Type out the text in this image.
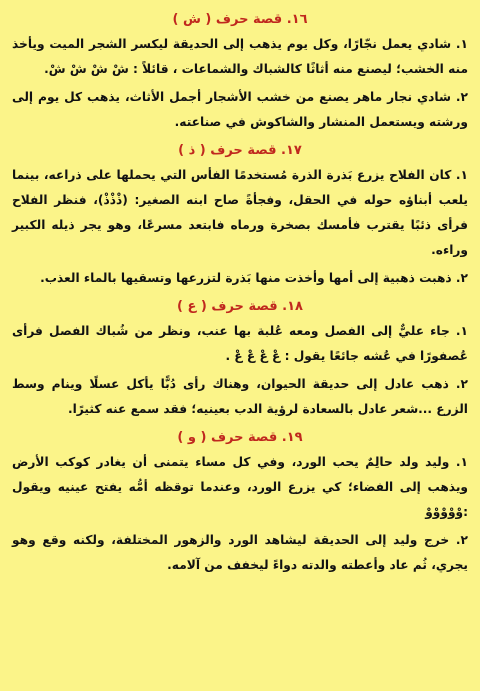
١٦. قصة حرف ( ش )

١. شادي يعمل نجّارًا، وكل يوم يذهب إلى الحديقة ليكسر الشجر الميت ويأخذ منه الخشب؛ ليصنع منه أثاثًا كالشباك والشماعات ، قائلاً : شْ شْ شْ شْ.

٢. شادي نجار ماهر يصنع من خشب الأشجار أجمل الأثاث، يذهب كل يوم إلى ورشته ويستعمل المنشار والشاكوش في صناعته.

١٧. قصة حرف ( ذ )

١. كان الفلاح يزرع بَذرة الذرة مُستخدمًا الفأس التي يحملها على ذراعه، بينما يلعب أبناؤه حوله في الحقل، وفجأةً صاح ابنه الصغير: (ذْذْذْ)، فنظر الفلاح فرأى ذئبًا يقترب فأمسك بصخرة ورماه فابتعد مسرعًا، وهو يجر ذيله الكبير وراءه.

٢. ذهبت ذهبية إلى أمها وأخذت منها بَذرة لتزرعها وتسقيها بالماء العذب.

١٨. قصة حرف ( ع )

١. جاء عليٌّ إلى الفصل ومعه عُلبة بها عنب، ونظر من شُباك الفصل فرأى عُصفورًا في عُشه جائعًا يقول : عْ عْ عْ عْ .

٢. ذهب عادل إلى حديقة الحيوان، وهناك رأى دُبًّا يأكل عسلًا وينام وسط الزرع ...شعر عادل بالسعادة لرؤية الدب بعينيه؛ فقد سمع عنه كثيرًا.

١٩. قصة حرف ( و )

١. وليد ولد حالِمٌ يحب الورد، وفي كل مساء يتمنى أن يغادر كوكب الأرض ويذهب إلى الفضاء؛ كي يزرع الورد، وعندما توقظه أمُّه يفتح عينيه ويقول :وْوْوْوْوْ

٢. خرج وليد إلى الحديقة ليشاهد الورد والزهور المختلفة، ولكنه وقع وهو يجري، ثُم عاد وأعطته والدته دواءً ليخفف من آلامه.
